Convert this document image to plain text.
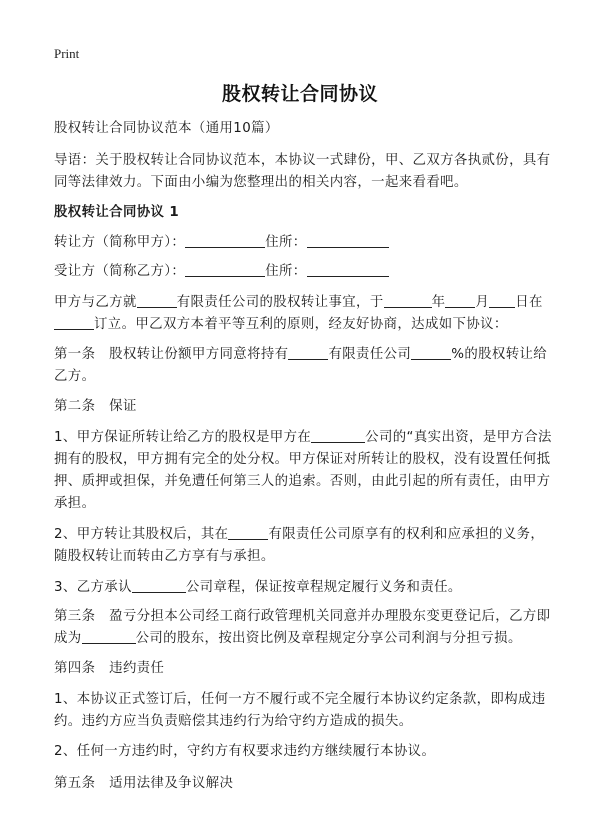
Print
股权转让合同协议
股权转让合同协议范本（通用10篇）
导语：关于股权转让合同协议范本，本协议一式肆份，甲、乙双方各执贰份，具有
同等法律效力。下面由小编为您整理出的相关内容，一起来看看吧。
股权转让合同协议 1
转让方（简称甲方）：	住所：
受让方（简称乙方）：	住所：
甲方与乙方就	有限责任公司的股权转让事宜，于	年 月 日在
订立。甲乙双方本着平等互利的原则，经友好协商，达成如下协议：
第一条　股权转让份额甲方同意将持有	有限责任公司	%的股权转让给
乙方。
第二条　保证
1、甲方保证所转让给乙方的股权是甲方在	公司的“真实出资，是甲方合法
拥有的股权，甲方拥有完全的处分权。甲方保证对所转让的股权，没有设置任何抵
押、质押或担保，并免遭任何第三人的追索。否则，由此引起的所有责任，由甲方
承担。
2、甲方转让其股权后，其在	有限责任公司原享有的权利和应承担的义务，
随股权转让而转由乙方享有与承担。
3、乙方承认	公司章程，保证按章程规定履行义务和责任。
第三条　盈亏分担本公司经工商行政管理机关同意并办理股东变更登记后，乙方即
成为	公司的股东，按出资比例及章程规定分享公司利润与分担亏损。
第四条　违约责任
1、本协议正式签订后，任何一方不履行或不完全履行本协议约定条款，即构成违
约。违约方应当负责赔偿其违约行为给守约方造成的损失。
2、任何一方违约时，守约方有权要求违约方继续履行本协议。
第五条　适用法律及争议解决
